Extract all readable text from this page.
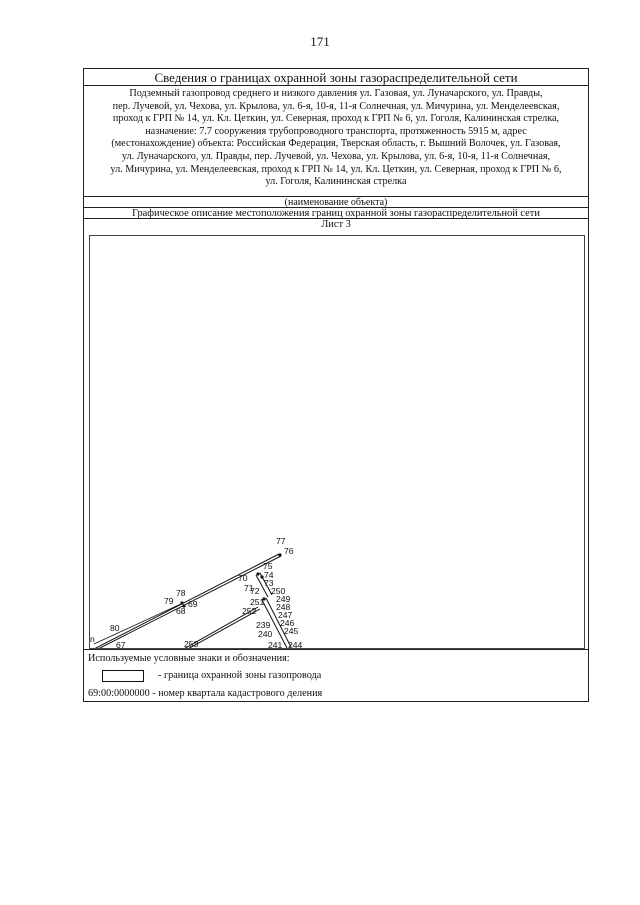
171
Сведения о границах охранной зоны газораспределительной сети
Подземный газопровод среднего и низкого давления ул. Газовая, ул. Луначарского, ул. Правды,
пер. Лучевой, ул. Чехова, ул. Крылова, ул. 6-я, 10-я, 11-я Солнечная, ул. Мичурина, ул. Менделеевская,
проход к ГРП № 14, ул. Кл. Цеткин, ул. Северная, проход к ГРП № 6, ул. Гоголя, Калининская стрелка,
назначение: 7.7 сооружения трубопроводного транспорта, протяженность 5915 м, адрес
(местонахождение) объекта: Российская Федерация, Тверская область, г. Вышний Волочек, ул. Газовая,
ул. Луначарского, ул. Правды, пер. Лучевой, ул. Чехова, ул. Крылова, ул. 6-я, 10-я, 11-я Солнечная,
ул. Мичурина, ул. Менделеевская, проход к ГРП № 14, ул. Кл. Цеткин, ул. Северная, проход к ГРП № 6,
ул. Гоголя, Калининская стрелка
(наименование объекта)
Графическое описание местоположения границ охранной зоны газораспределительной сети
Лист 3
77
76
75
74
70 73
71
72 250
249
251 248
252	247
246
78
79 69
68
80	239
245
240
n
67	253	241 244
Используемые условные знаки и обозначения:
- граница охранной зоны газопровода
69:00:0000000 - номер квартала кадастрового деления
